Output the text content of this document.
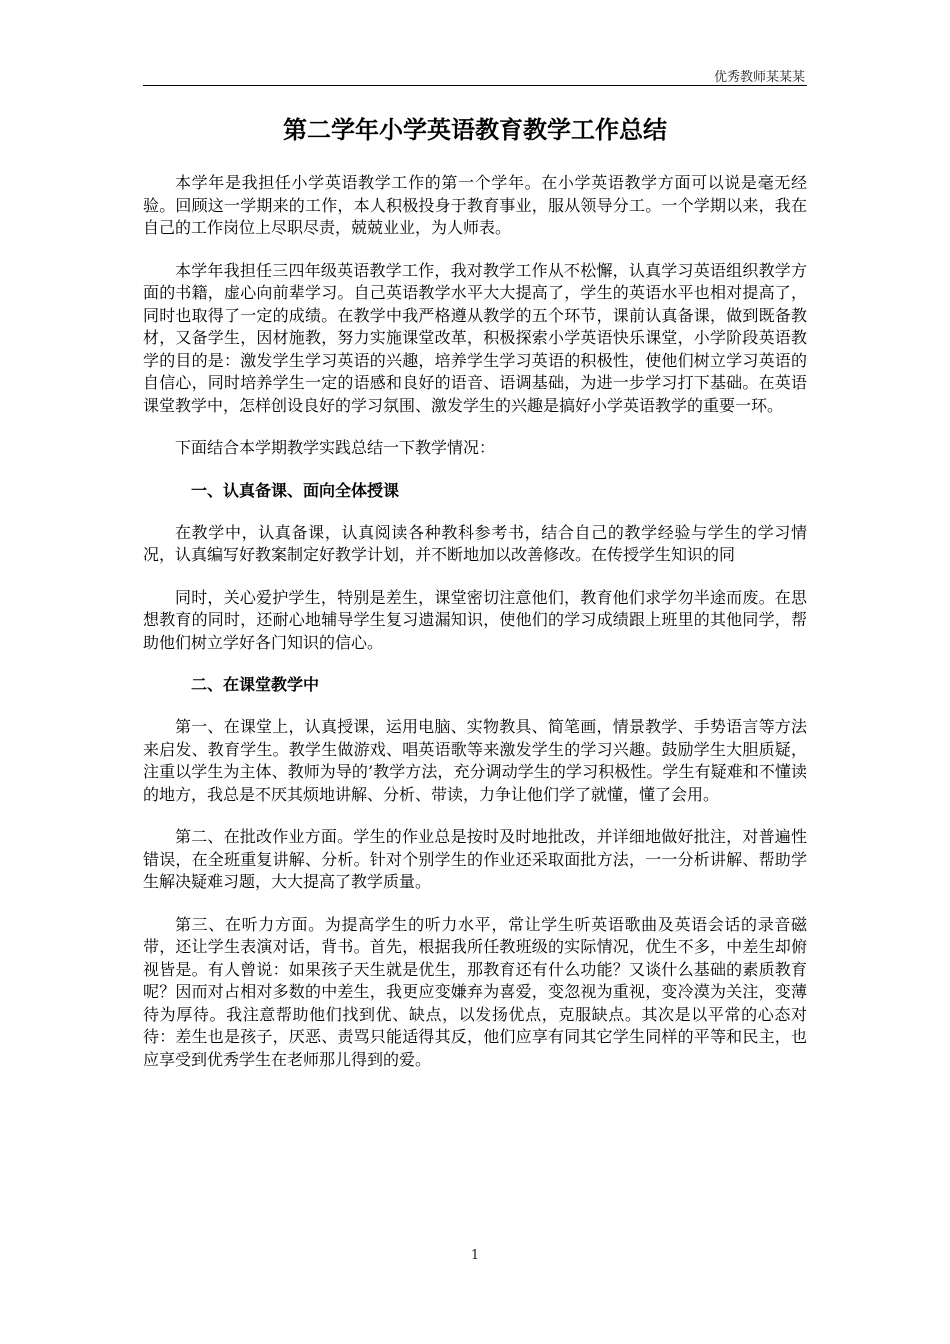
优秀教师某某某
第二学年小学英语教育教学工作总结

本学年是我担任小学英语教学工作的第一个学年。在小学英语教学方面可以说是毫无经验。回顾这一学期来的工作，本人积极投身于教育事业，服从领导分工。一个学期以来，我在自己的工作岗位上尽职尽责，兢兢业业，为人师表。

本学年我担任三四年级英语教学工作，我对教学工作从不松懈，认真学习英语组织教学方面的书籍，虚心向前辈学习。自己英语教学水平大大提高了，学生的英语水平也相对提高了，同时也取得了一定的成绩。在教学中我严格遵从教学的五个环节，课前认真备课，做到既备教材，又备学生，因材施教，努力实施课堂改革，积极探索小学英语快乐课堂，小学阶段英语教学的目的是：激发学生学习英语的兴趣，培养学生学习英语的积极性，使他们树立学习英语的自信心，同时培养学生一定的语感和良好的语音、语调基础，为进一步学习打下基础。在英语课堂教学中，怎样创设良好的学习氛围、激发学生的兴趣是搞好小学英语教学的重要一环。

下面结合本学期教学实践总结一下教学情况：

一、认真备课、面向全体授课

在教学中，认真备课，认真阅读各种教科参考书，结合自己的教学经验与学生的学习情况，认真编写好教案制定好教学计划，并不断地加以改善修改。在传授学生知识的同

同时，关心爱护学生，特别是差生，课堂密切注意他们，教育他们求学勿半途而废。在思想教育的同时，还耐心地辅导学生复习遗漏知识，使他们的学习成绩跟上班里的其他同学，帮助他们树立学好各门知识的信心。

二、在课堂教学中

第一、在课堂上，认真授课，运用电脑、实物教具、简笔画，情景教学、手势语言等方法来启发、教育学生。教学生做游戏、唱英语歌等来激发学生的学习兴趣。鼓励学生大胆质疑，注重以学生为主体、教师为导的’教学方法，充分调动学生的学习积极性。学生有疑难和不懂读的地方，我总是不厌其烦地讲解、分析、带读，力争让他们学了就懂，懂了会用。

第二、在批改作业方面。学生的作业总是按时及时地批改，并详细地做好批注，对普遍性错误，在全班重复讲解、分析。针对个别学生的作业还采取面批方法，一一分析讲解、帮助学生解决疑难习题，大大提高了教学质量。

第三、在听力方面。为提高学生的听力水平，常让学生听英语歌曲及英语会话的录音磁带，还让学生表演对话，背书。首先，根据我所任教班级的实际情况，优生不多，中差生却俯视皆是。有人曾说：如果孩子天生就是优生，那教育还有什么功能？又谈什么基础的素质教育呢？因而对占相对多数的中差生，我更应变嫌弃为喜爱，变忽视为重视，变冷漠为关注，变薄待为厚待。我注意帮助他们找到优、缺点，以发扬优点，克服缺点。其次是以平常的心态对待：差生也是孩子，厌恶、责骂只能适得其反，他们应享有同其它学生同样的平等和民主，也应享受到优秀学生在老师那儿得到的爱。

1
